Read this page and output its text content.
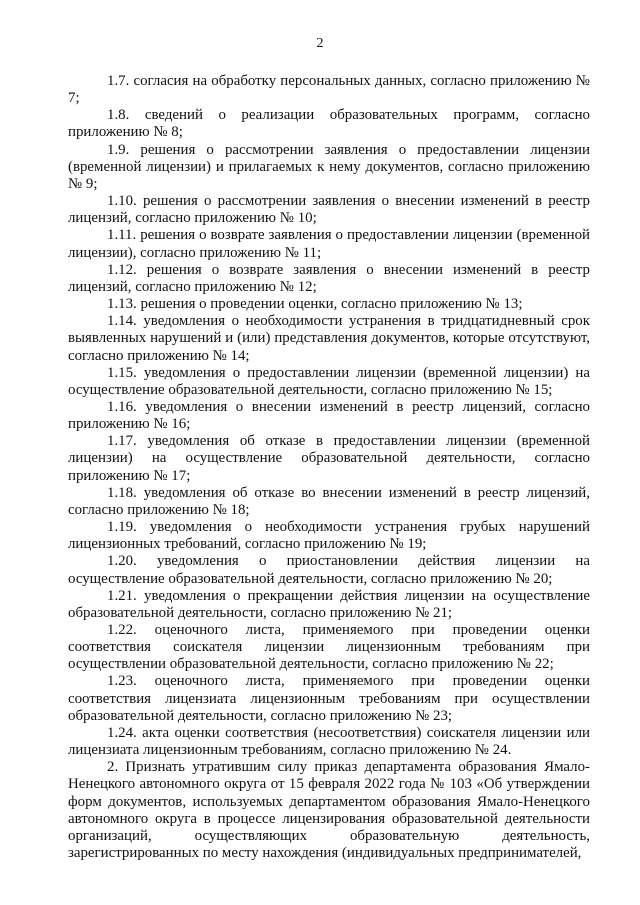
2

1.7. согласия на обработку персональных данных, согласно приложению № 7;

1.8. сведений о реализации образовательных программ, согласно приложению № 8;

1.9. решения о рассмотрении заявления о предоставлении лицензии (временной лицензии) и прилагаемых к нему документов, согласно приложению № 9;

1.10. решения о рассмотрении заявления о внесении изменений в реестр лицензий, согласно приложению № 10;

1.11. решения о возврате заявления о предоставлении лицензии (временной лицензии), согласно приложению № 11;

1.12. решения о возврате заявления о внесении изменений в реестр лицензий, согласно приложению № 12;

1.13. решения о проведении оценки, согласно приложению № 13;

1.14. уведомления о необходимости устранения в тридцатидневный срок выявленных нарушений и (или) представления документов, которые отсутствуют, согласно приложению № 14;

1.15. уведомления о предоставлении лицензии (временной лицензии) на осуществление образовательной деятельности, согласно приложению № 15;

1.16. уведомления о внесении изменений в реестр лицензий, согласно приложению № 16;

1.17. уведомления об отказе в предоставлении лицензии (временной лицензии) на осуществление образовательной деятельности, согласно приложению № 17;

1.18. уведомления об отказе во внесении изменений в реестр лицензий, согласно приложению № 18;

1.19. уведомления о необходимости устранения грубых нарушений лицензионных требований, согласно приложению № 19;

1.20. уведомления о приостановлении действия лицензии на осуществление образовательной деятельности, согласно приложению № 20;

1.21. уведомления о прекращении действия лицензии на осуществление образовательной деятельности, согласно приложению № 21;

1.22. оценочного листа, применяемого при проведении оценки соответствия соискателя лицензии лицензионным требованиям при осуществлении образовательной деятельности, согласно приложению № 22;

1.23. оценочного листа, применяемого при проведении оценки соответствия лицензиата лицензионным требованиям при осуществлении образовательной деятельности, согласно приложению № 23;

1.24. акта оценки соответствия (несоответствия) соискателя лицензии или лицензиата лицензионным требованиям, согласно приложению № 24.

2. Признать утратившим силу приказ департамента образования Ямало-Ненецкого автономного округа от 15 февраля 2022 года № 103 «Об утверждении форм документов, используемых департаментом образования Ямало-Ненецкого автономного округа в процессе лицензирования образовательной деятельности организаций, осуществляющих образовательную деятельность, зарегистрированных по месту нахождения (индивидуальных предпринимателей,
